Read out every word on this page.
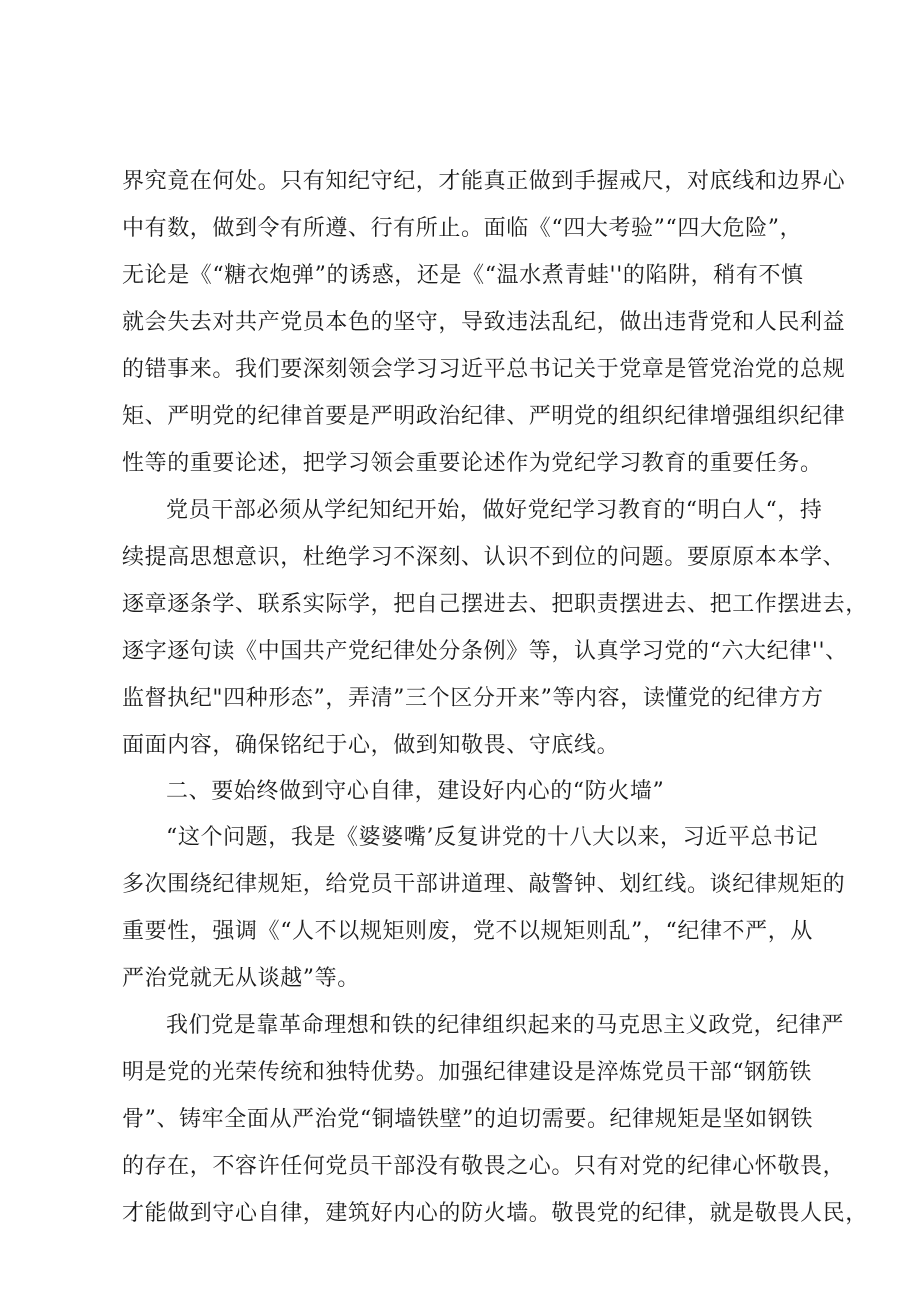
界究竟在何处。只有知纪守纪，才能真正做到手握戒尺，对底线和边界心
中有数，做到令有所遵、行有所止。面临《“四大考验”“四大危险”，
无论是《“糖衣炮弹”的诱惑，还是《“温水煮青蛙''的陷阱，稍有不慎
就会失去对共产党员本色的坚守，导致违法乱纪，做出违背党和人民利益
的错事来。我们要深刻领会学习习近平总书记关于党章是管党治党的总规
矩、严明党的纪律首要是严明政治纪律、严明党的组织纪律增强组织纪律
性等的重要论述，把学习领会重要论述作为党纪学习教育的重要任务。
党员干部必须从学纪知纪开始，做好党纪学习教育的“明白人“，持
续提高思想意识，杜绝学习不深刻、认识不到位的问题。要原原本本学、
逐章逐条学、联系实际学，把自己摆进去、把职责摆进去、把工作摆进去，
逐字逐句读《中国共产党纪律处分条例》等，认真学习党的“六大纪律''、
监督执纪"四种形态”，弄清”三个区分开来”等内容，读懂党的纪律方方
面面内容，确保铭纪于心，做到知敬畏、守底线。
二、要始终做到守心自律，建设好内心的“防火墙”
“这个问题，我是《婆婆嘴’反复讲党的十八大以来，习近平总书记
多次围绕纪律规矩，给党员干部讲道理、敲警钟、划红线。谈纪律规矩的
重要性，强调《“人不以规矩则废，党不以规矩则乱”，“纪律不严，从
严治党就无从谈越”等。
我们党是靠革命理想和铁的纪律组织起来的马克思主义政党，纪律严
明是党的光荣传统和独特优势。加强纪律建设是淬炼党员干部“钢筋铁
骨”、铸牢全面从严治党“铜墙铁壁”的迫切需要。纪律规矩是坚如钢铁
的存在，不容许任何党员干部没有敬畏之心。只有对党的纪律心怀敬畏，
才能做到守心自律，建筑好内心的防火墙。敬畏党的纪律，就是敬畏人民，
